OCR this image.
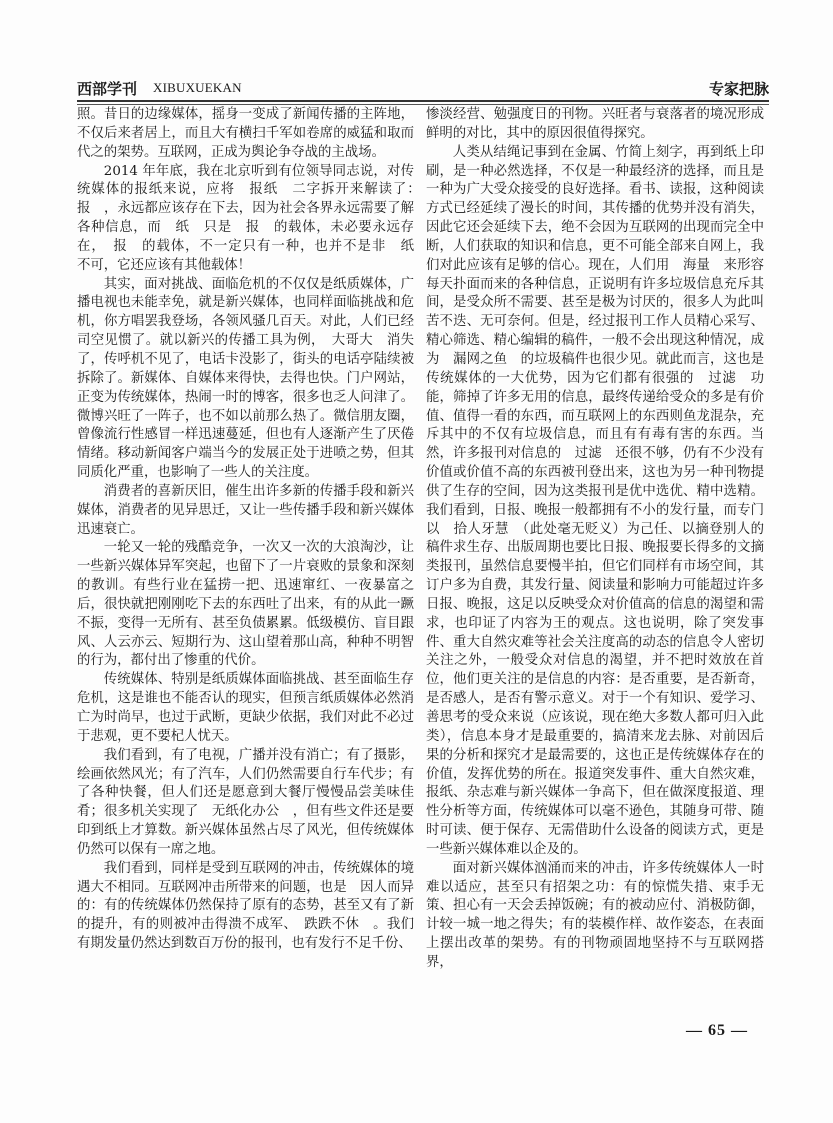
西部学刊 XIBUXUEKAN	专家把脉

照。昔日的边缘媒体，摇身一变成了新闻传播的主阵地，不仅后来者居上，而且大有横扫千军如卷席的威猛和取而代之的架势。互联网，正成为舆论争夺战的主战场。

2014 年年底，我在北京听到有位领导同志说，对传统媒体的报纸来说，应将　报纸　二字拆开来解读了：　报　，永远都应该存在下去，因为社会各界永远需要了解各种信息，而　纸　只是　报　的载体，未必要永远存在，　报　的载体，不一定只有一种，也并不是非　纸　不可，它还应该有其他载体！

其实，面对挑战、面临危机的不仅仅是纸质媒体，广播电视也未能幸免，就是新兴媒体，也同样面临挑战和危机，你方唱罢我登场，各领风骚几百天。对此，人们已经司空见惯了。就以新兴的传播工具为例，　大哥大　消失了，传呼机不见了，电话卡没影了，街头的电话亭陆续被拆除了。新媒体、自媒体来得快，去得也快。门户网站，正变为传统媒体，热闹一时的博客，很多也乏人问津了。微博兴旺了一阵子，也不如以前那么热了。微信朋友圈，曾像流行性感冒一样迅速蔓延，但也有人逐渐产生了厌倦情绪。移动新闻客户端当今的发展正处于进喷之势，但其同质化严重，也影响了一些人的关注度。

消费者的喜新厌旧，催生出许多新的传播手段和新兴媒体，消费者的见异思迁，又让一些传播手段和新兴媒体迅速衰亡。

一轮又一轮的残酷竞争，一次又一次的大浪淘沙，让一些新兴媒体异军突起，也留下了一片衰败的景象和深刻的教训。有些行业在猛捞一把、迅速窜红、一夜暴富之后，很快就把刚刚吃下去的东西吐了出来，有的从此一蹶不振，变得一无所有、甚至负债累累。低级模仿、盲目跟风、人云亦云、短期行为、这山望着那山高，种种不明智的行为，都付出了惨重的代价。

传统媒体、特别是纸质媒体面临挑战、甚至面临生存危机，这是谁也不能否认的现实，但预言纸质媒体必然消亡为时尚早，也过于武断，更缺少依据，我们对此不必过于悲观，更不要杞人忧天。

我们看到，有了电视，广播并没有消亡；有了摄影，绘画依然风光；有了汽车，人们仍然需要自行车代步；有了各种快餐，但人们还是愿意到大餐厅慢慢品尝美味佳肴；很多机关实现了　无纸化办公　，但有些文件还是要印到纸上才算数。新兴媒体虽然占尽了风光，但传统媒体仍然可以保有一席之地。

我们看到，同样是受到互联网的冲击，传统媒体的境遇大不相同。互联网冲击所带来的问题，也是　因人而异的：有的传统媒体仍然保持了原有的态势，甚至又有了新的提升，有的则被冲击得溃不成军、　跌跌不休　。我们有期发量仍然达到数百万份的报刊，也有发行不足千份、

惨淡经营、勉强度日的刊物。兴旺者与衰落者的境况形成鲜明的对比，其中的原因很值得探究。

人类从结绳记事到在金属、竹简上刻字，再到纸上印刷，是一种必然选择，不仅是一种最经济的选择，而且是一种为广大受众接受的良好选择。看书、读报，这种阅读方式已经延续了漫长的时间，其传播的优势并没有消失，因此它还会延续下去，绝不会因为互联网的出现而完全中断，人们获取的知识和信息，更不可能全部来自网上，我们对此应该有足够的信心。现在，人们用　海量　来形容每天扑面而来的各种信息，正说明有许多垃圾信息充斥其间，是受众所不需要、甚至是极为讨厌的，很多人为此叫苦不迭、无可奈何。但是，经过报刊工作人员精心采写、精心筛选、精心编辑的稿件，一般不会出现这种情况，成为　漏网之鱼　的垃圾稿件也很少见。就此而言，这也是传统媒体的一大优势，因为它们都有很强的　过滤　功能，筛掉了许多无用的信息，最终传递给受众的多是有价值、值得一看的东西，而互联网上的东西则鱼龙混杂，充斥其中的不仅有垃圾信息，而且有有毒有害的东西。当然，许多报刊对信息的　过滤　还很不够，仍有不少没有价值或价值不高的东西被刊登出来，这也为另一种刊物提供了生存的空间，因为这类报刊是优中选优、精中选精。我们看到，日报、晚报一般都拥有不小的发行量，而专门以　拾人牙慧　（此处毫无贬义）为己任、以摘登别人的稿件求生存、出版周期也要比日报、晚报要长得多的文摘类报刊，虽然信息要慢半拍，但它们同样有市场空间，其订户多为自费，其发行量、阅读量和影响力可能超过许多日报、晚报，这足以反映受众对价值高的信息的渴望和需求，也印证了内容为王的观点。这也说明，除了突发事件、重大自然灾难等社会关注度高的动态的信息令人密切关注之外，一般受众对信息的渴望，并不把时效放在首位，他们更关注的是信息的内容：是否重要，是否新奇，是否感人，是否有警示意义。对于一个有知识、爱学习、善思考的受众来说（应该说，现在绝大多数人都可归入此类），信息本身才是最重要的，搞清来龙去脉、对前因后果的分析和探究才是最需要的，这也正是传统媒体存在的价值，发挥优势的所在。报道突发事件、重大自然灾难，报纸、杂志难与新兴媒体一争高下，但在做深度报道、理性分析等方面，传统媒体可以毫不逊色，其随身可带、随时可读、便于保存、无需借助什么设备的阅读方式，更是一些新兴媒体难以企及的。

面对新兴媒体汹涌而来的冲击，许多传统媒体人一时难以适应，甚至只有招架之功：有的惊慌失措、束手无策、担心有一天会丢掉饭碗；有的被动应付、消极防御，计较一城一地之得失；有的装模作样、故作姿态，在表面上摆出改革的架势。有的刊物顽固地坚持不与互联网搭界，

— 65 —
